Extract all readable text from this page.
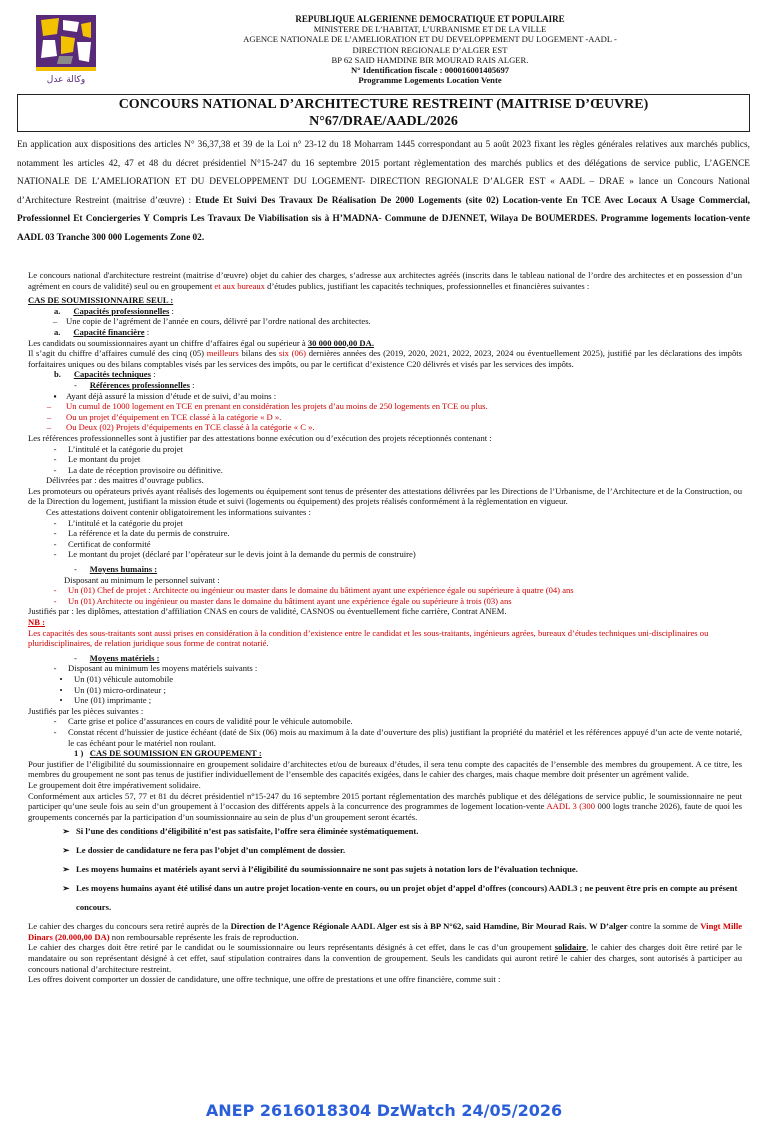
وكالة عدل
REPUBLIQUE ALGERIENNE DEMOCRATIQUE ET POPULAIRE
MINISTERE DE L’HABITAT, L’URBANISME ET DE LA VILLE
AGENCE NATIONALE DE L’AMELIORATION ET DU DEVELOPPEMENT DU LOGEMENT -AADL -
DIRECTION REGIONALE D’ALGER EST
BP 62 SAID HAMDINE BIR MOURAD RAIS ALGER.
N° Identification fiscale : 000016001405697
Programme Logements Location Vente
CONCOURS NATIONAL D’ARCHITECTURE RESTREINT (MAITRISE D’ŒUVRE)
N°67/DRAE/AADL/2026
En application aux dispositions des articles N° 36,37,38 et 39 de la Loi n° 23-12 du 18 Moharram 1445 correspondant au 5 août 2023 fixant les règles générales relatives aux marchés publics, notamment les articles 42, 47 et 48 du décret présidentiel N°15-247 du 16 septembre 2015 portant règlementation des marchés publics et des délégations de service public, L’AGENCE NATIONALE DE L’AMELIORATION ET DU DEVELOPPEMENT DU LOGEMENT- DIRECTION REGIONALE D’ALGER EST « AADL – DRAE » lance un Concours National d’Architecture Restreint (maitrise d’œuvre) : Etude Et Suivi Des Travaux De Réalisation De 2000 Logements (site 02) Location-vente En TCE Avec Locaux A Usage Commercial, Professionnel Et Conciergeries Y Compris Les Travaux De Viabilisation sis à H’MADNA- Commune de DJENNET, Wilaya De BOUMERDES. Programme logements location-vente AADL 03 Tranche 300 000 Logements Zone 02.

Le concours national d'architecture restreint (maitrise d’œuvre) objet du cahier des charges, s’adresse aux architectes agréés (inscrits dans le tableau national de l’ordre des architectes et en possession d’un agrément en cours de validité) seul ou en groupement et aux bureaux d’études publics, justifiant les capacités techniques, professionnelles et financières suivantes :

CAS DE SOUMISSIONNAIRE SEUL :

a. Capacités professionnelles :

–	Une copie de l’agrément de l’année en cours, délivré par l’ordre national des architectes.

a. Capacité financière :

Les candidats ou soumissionnaires ayant un chiffre d’affaires égal ou supérieur à 30 000 000,00 DA.

Il s’agit du chiffre d’affaires cumulé des cinq (05) meilleurs bilans des six (06) dernières années des (2019, 2020, 2021, 2022, 2023, 2024 ou éventuellement 2025), justifié par les déclarations des impôts forfaitaires uniques ou des bilans comptables visés par les services des impôts, ou par le certificat d’existence C20 délivrés et visés par les services des impôts.

b. Capacités techniques :

-      Références professionnelles :

▪	Ayant déjà assuré la mission d’étude et de suivi, d’au moins :
–	Un cumul de 1000 logement en TCE en prenant en considération les projets d’au moins de 250 logements en TCE ou plus.
–	Ou un projet d’équipement en TCE classé à la catégorie « D ».
–	Ou Deux (02) Projets d’équipements en TCE classé à la catégorie « C ».

Les références professionnelles sont à justifier par des attestations bonne exécution ou d’exécution des projets réceptionnés contenant :

-	L’intitulé et la catégorie du projet
-	Le montant du projet
-	La date de réception provisoire ou définitive.

Délivrées par : des maitres d’ouvrage publics.

Les promoteurs ou opérateurs privés ayant réalisés des logements ou équipement sont tenus de présenter des attestations délivrées par les Directions de l’Urbanisme, de l’Architecture et de la Construction, ou de la Direction du logement, justifiant la mission étude et suivi (logements ou équipement) des projets réalisés conformément à la règlementation en vigueur.

Ces attestations doivent contenir obligatoirement les informations suivantes :

-	L’intitulé et la catégorie du projet
-	La référence et la date du permis de construire.
-	Certificat de conformité
-	Le montant du projet (déclaré par l’opérateur sur le devis joint à la demande du permis de construire)

-      Moyens humains :

Disposant au minimum le personnel suivant :

-	Un (01) Chef de projet : Architecte ou ingénieur ou master dans le domaine du bâtiment ayant une expérience égale ou supérieure à quatre (04) ans
-	Un (01) Architecte ou ingénieur ou master dans le domaine du bâtiment ayant une expérience égale ou supérieure à trois (03) ans

Justifiés par : les diplômes, attestation d’affiliation CNAS en cours de validité, CASNOS ou éventuellement fiche carrière, Contrat ANEM.

NB :

Les capacités des sous-traitants sont aussi prises en considération à la condition d’existence entre le candidat et les sous-traitants, ingénieurs agrées, bureaux d’études techniques uni-disciplinaires ou pluridisciplinaires, de relation juridique sous forme de contrat notarié.

-      Moyens matériels :

-	Disposant au minimum les moyens matériels suivants :
•	Un (01) véhicule automobile
•	Un (01) micro-ordinateur ;
•	Une (01) imprimante ;

Justifiés par les pièces suivantes :

-	Carte grise et police d’assurances en cours de validité pour le véhicule automobile.
-	Constat récent d’huissier de justice échéant (daté de Six (06) mois au maximum à la date d’ouverture des plis) justifiant la propriété du matériel et les références appuyé d’un acte de vente notarié, le cas échéant pour le matériel non roulant.

1 ) CAS DE SOUMISSION EN GROUPEMENT :

Pour justifier de l’éligibilité du soumissionnaire en groupement solidaire d’architectes et/ou de bureaux d’études, il sera tenu compte des capacités de l’ensemble des membres du groupement. A ce titre, les membres du groupement ne sont pas tenus de justifier individuellement de l’ensemble des capacités exigées, dans le cahier des charges, mais chaque membre doit présenter un agrément valide.

Le groupement doit être impérativement solidaire.

Conformément aux articles 57, 77 et 81 du décret présidentiel n°15-247 du 16 septembre 2015 portant réglementation des marchés publique et des délégations de service public, le soumissionnaire ne peut participer qu’une seule fois au sein d’un groupement à l’occasion des différents appels à la concurrence des programmes de logement location-vente AADL 3 (300 000 logts tranche 2026), faute de quoi les groupements concernés par la participation d’un soumissionnaire au sein de plus d’un groupement seront écartés.

➢ Si l’une des conditions d’éligibilité n’est pas satisfaite, l’offre sera éliminée systématiquement.
➢ Le dossier de candidature ne fera pas l’objet d’un complément de dossier.
➢ Les moyens humains et matériels ayant servi à l’éligibilité du soumissionnaire ne sont pas sujets à notation lors de l’évaluation technique.
➢ Les moyens humains ayant été utilisé dans un autre projet location-vente en cours, ou un projet objet d’appel d’offres (concours) AADL3 ; ne peuvent être pris en compte au présent concours.

Le cahier des charges du concours sera retiré auprès de la Direction de l’Agence Régionale AADL Alger est sis à BP N°62, said Hamdine, Bir Mourad Rais. W D’alger contre la somme de Vingt Mille Dinars (20.000,00 DA) non remboursable représente les frais de reproduction.

Le cahier des charges doit être retiré par le candidat ou le soumissionnaire ou leurs représentants désignés à cet effet, dans le cas d’un groupement solidaire, le cahier des charges doit être retiré par le mandataire ou son représentant désigné à cet effet, sauf stipulation contraires dans la convention de groupement. Seuls les candidats qui auront retiré le cahier des charges, sont autorisés à participer au concours national d’architecture restreint.

Les offres doivent comporter un dossier de candidature, une offre technique, une offre de prestations et une offre financière, comme suit :

ANEP 2616018304 DzWatch 24/05/2026
